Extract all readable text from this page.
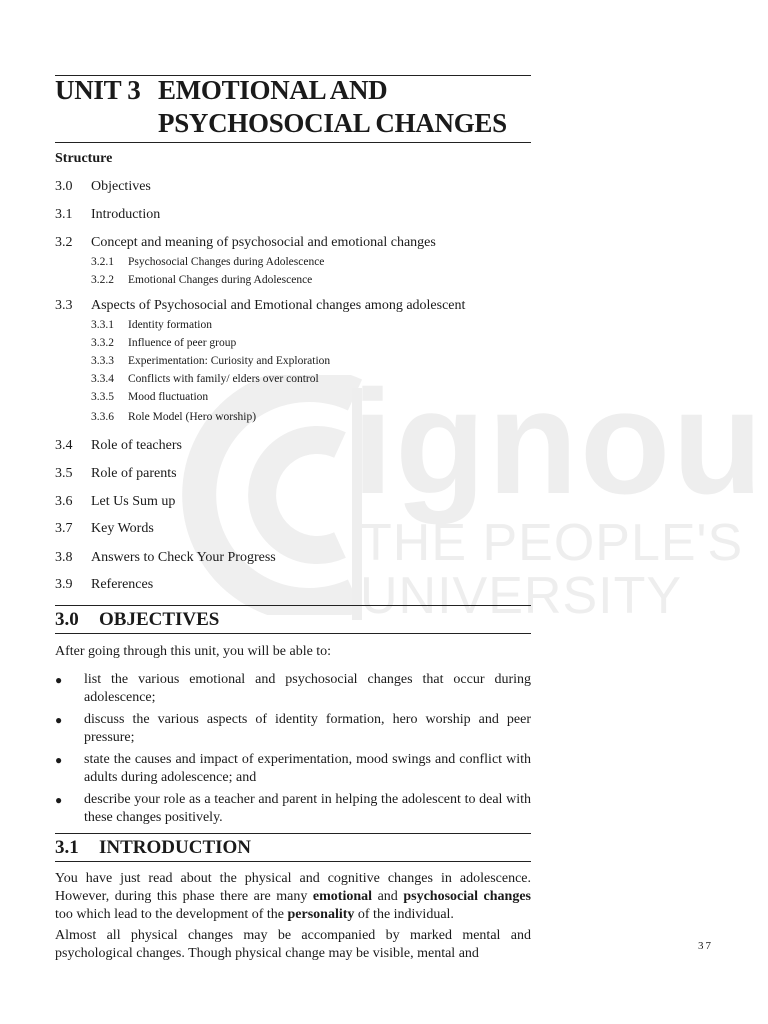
ignou
THE PEOPLE'S
UNIVERSITY
UNIT 3 EMOTIONAL AND
PSYCHOSOCIAL CHANGES
Structure
3.0 Objectives
3.1 Introduction
3.2 Concept and meaning of psychosocial and emotional changes
3.2.1 Psychosocial Changes during Adolescence
3.2.2 Emotional Changes during Adolescence
3.3 Aspects of Psychosocial and Emotional changes among adolescent
3.3.1 Identity formation
3.3.2 Influence of peer group
3.3.3 Experimentation: Curiosity and Exploration
3.3.4 Conflicts with family/ elders over control
3.3.5 Mood fluctuation
3.3.6 Role Model (Hero worship)
3.4 Role of teachers
3.5 Role of parents
3.6 Let Us Sum up
3.7 Key Words
3.8 Answers to Check Your Progress
3.9 References
3.0 OBJECTIVES
After going through this unit, you will be able to:
● list the various emotional and psychosocial changes that occur during adolescence;
● discuss the various aspects of identity formation, hero worship and peer pressure;
● state the causes and impact of experimentation, mood swings and conflict with adults during adolescence; and
● describe your role as a teacher and parent in helping the adolescent to deal with these changes positively.
3.1 INTRODUCTION
You have just read about the physical and cognitive changes in adolescence. However, during this phase there are many emotional and psychosocial changes too which lead to the development of the personality of the individual.
Almost all physical changes may be accompanied by marked mental and psychological changes. Though physical change may be visible, mental and	37
